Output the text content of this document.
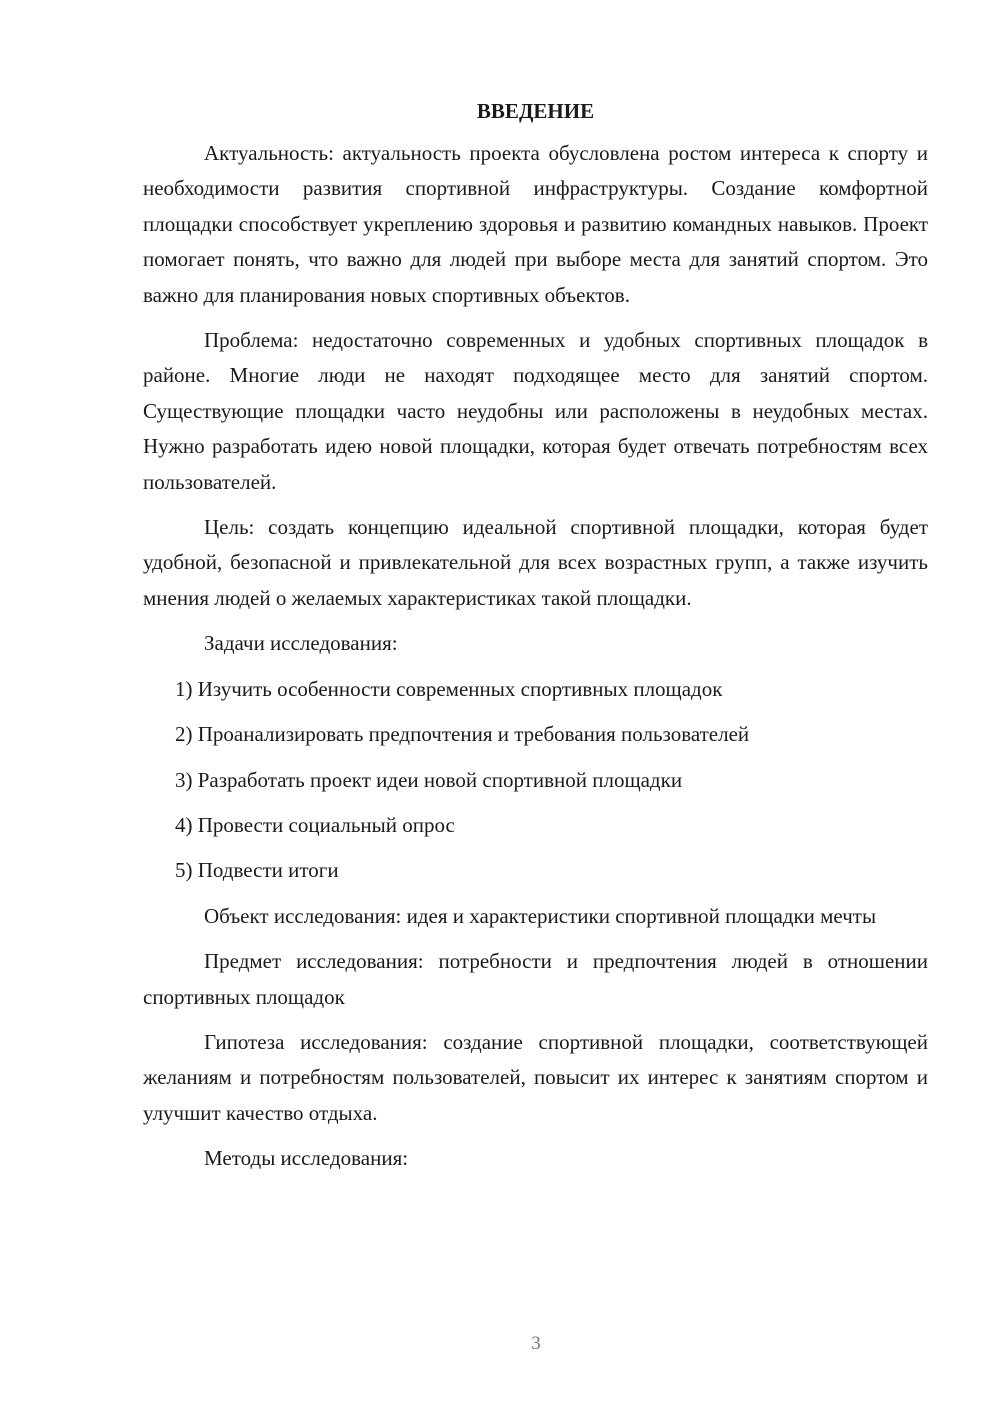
ВВЕДЕНИЕ

Актуальность: актуальность проекта обусловлена ростом интереса к спорту и необходимости развития спортивной инфраструктуры. Создание комфортной площадки способствует укреплению здоровья и развитию командных навыков. Проект помогает понять, что важно для людей при выборе места для занятий спортом. Это важно для планирования новых спортивных объектов.

Проблема: недостаточно современных и удобных спортивных площадок в районе. Многие люди не находят подходящее место для занятий спортом. Существующие площадки часто неудобны или расположены в неудобных местах. Нужно разработать идею новой площадки, которая будет отвечать потребностям всех пользователей.

Цель: создать концепцию идеальной спортивной площадки, которая будет удобной, безопасной и привлекательной для всех возрастных групп, а также изучить мнения людей о желаемых характеристиках такой площадки.

Задачи исследования:

1) Изучить особенности современных спортивных площадок
2) Проанализировать предпочтения и требования пользователей
3) Разработать проект идеи новой спортивной площадки
4) Провести социальный опрос
5) Подвести итоги

Объект исследования: идея и характеристики спортивной площадки мечты

Предмет исследования: потребности и предпочтения людей в отношении спортивных площадок

Гипотеза исследования: создание спортивной площадки, соответствующей желаниям и потребностям пользователей, повысит их интерес к занятиям спортом и улучшит качество отдыха.

Методы исследования:

3
